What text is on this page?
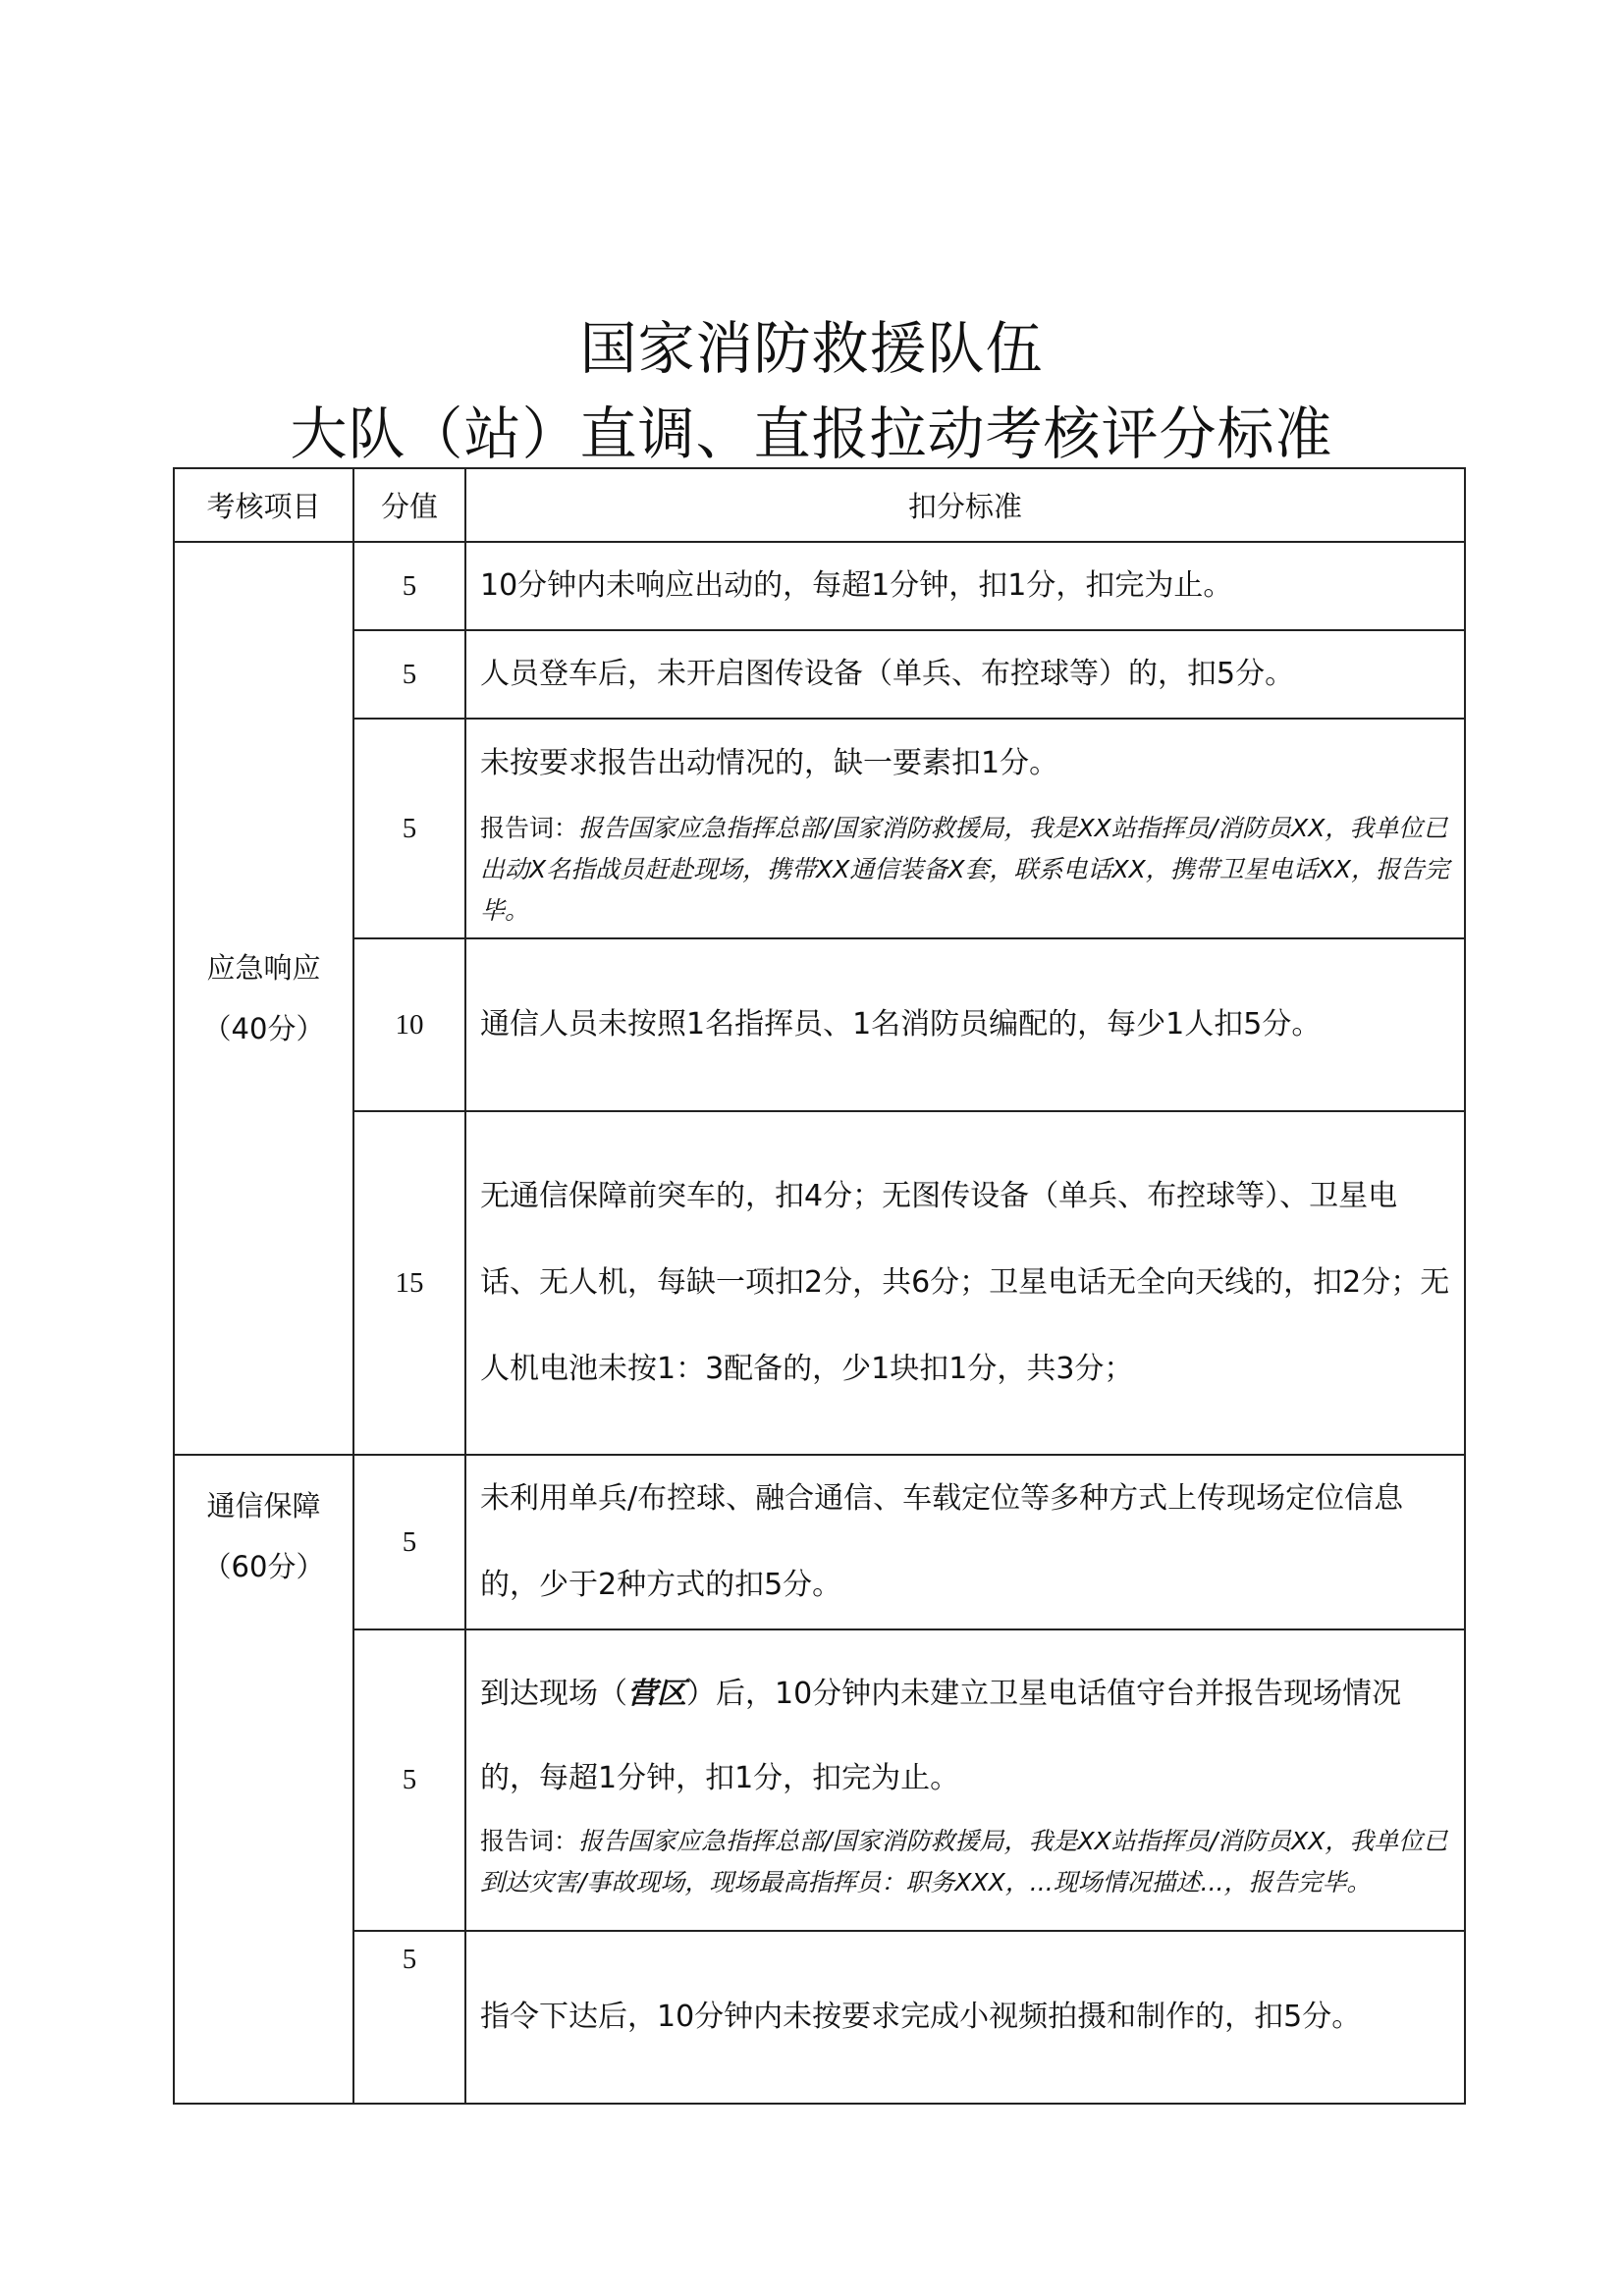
国家消防救援队伍
大队（站）直调、直报拉动考核评分标准
考核项目	分值	扣分标准

应急响应
（40分）	5	10分钟内未响应出动的，每超1分钟，扣1分，扣完为止。
	5	人员登车后，未开启图传设备（单兵、布控球等）的，扣5分。
	5	未按要求报告出动情况的，缺一要素扣1分。
报告词：报告国家应急指挥总部/国家消防救援局，我是XX站指挥员/消防员XX，我单位已出动X名指战员赶赴现场，携带XX通信装备X套，联系电话XX，携带卫星电话XX，报告完毕。

	10	通信人员未按照1名指挥员、1名消防员编配的，每少1人扣5分。
	15	无通信保障前突车的，扣4分；无图传设备（单兵、布控球等）、卫星电话、无人机，每缺一项扣2分，共6分；卫星电话无全向天线的，扣2分；无人机电池未按1：3配备的，少1块扣1分，共3分；

通信保障
（60分）	5	未利用单兵/布控球、融合通信、车载定位等多种方式上传现场定位信息的，少于2种方式的扣5分。
	5	到达现场（营区）后，10分钟内未建立卫星电话值守台并报告现场情况的，每超1分钟，扣1分，扣完为止。
报告词：报告国家应急指挥总部/国家消防救援局，我是XX站指挥员/消防员XX，我单位已到达灾害/事故现场，现场最高指挥员：职务XXX，...现场情况描述...，报告完毕。

	5	指令下达后，10分钟内未按要求完成小视频拍摄和制作的，扣5分。
